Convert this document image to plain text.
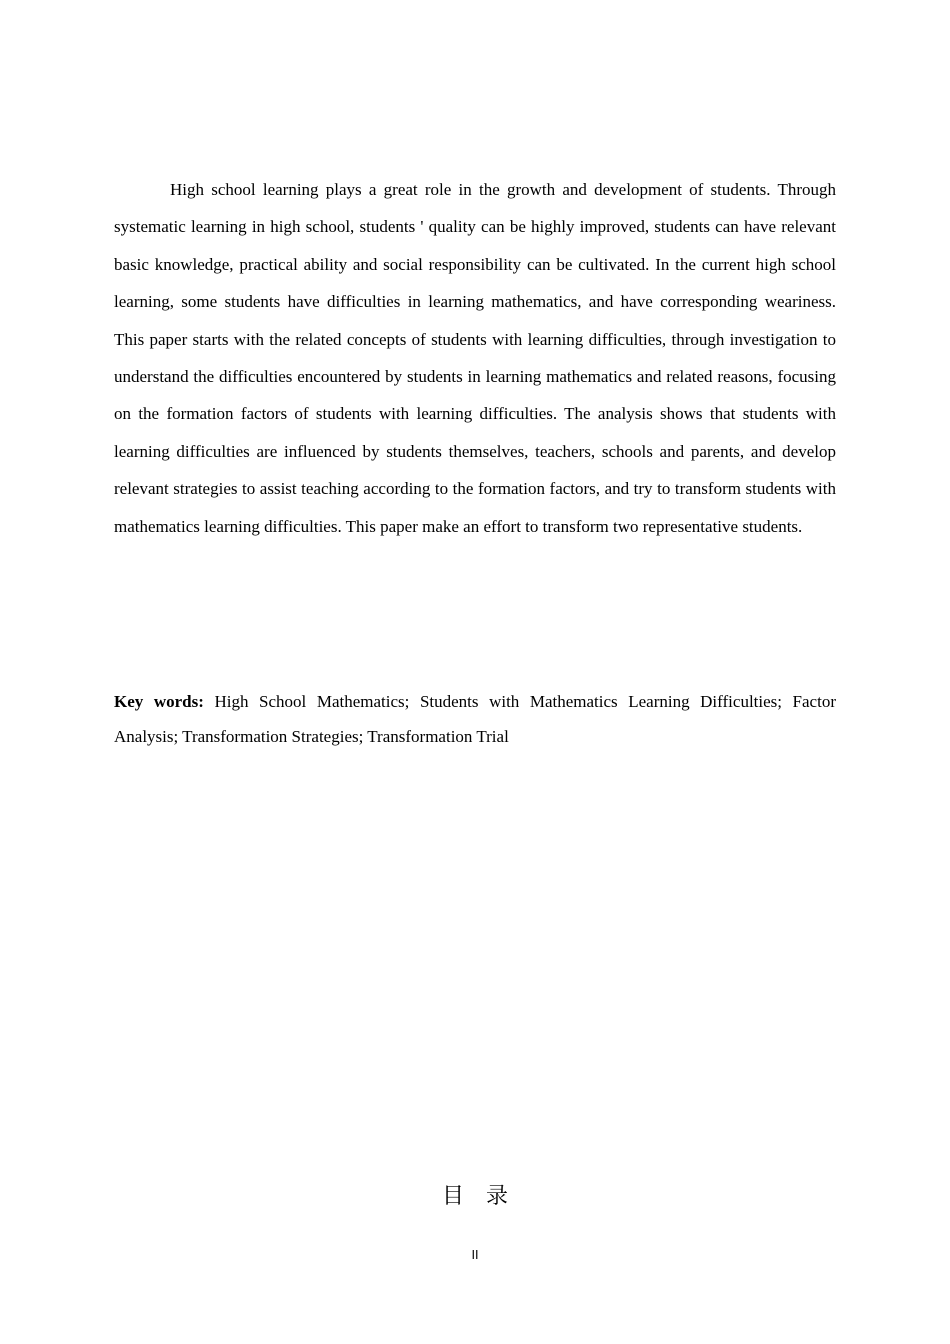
High school learning plays a great role in the growth and development of students. Through systematic learning in high school, students ' quality can be highly improved, students can have relevant basic knowledge, practical ability and social responsibility can be cultivated. In the current high school learning, some students have difficulties in learning mathematics, and have corresponding weariness. This paper starts with the related concepts of students with learning difficulties, through investigation to understand the difficulties encountered by students in learning mathematics and related reasons, focusing on the formation factors of students with learning difficulties. The analysis shows that students with learning difficulties are influenced by students themselves, teachers, schools and parents, and develop relevant strategies to assist teaching according to the formation factors, and try to transform students with mathematics learning difficulties. This paper make an effort to transform two representative students.

Key words: High School Mathematics; Students with Mathematics Learning Difficulties; Factor Analysis; Transformation Strategies; Transformation Trial

目录
II
